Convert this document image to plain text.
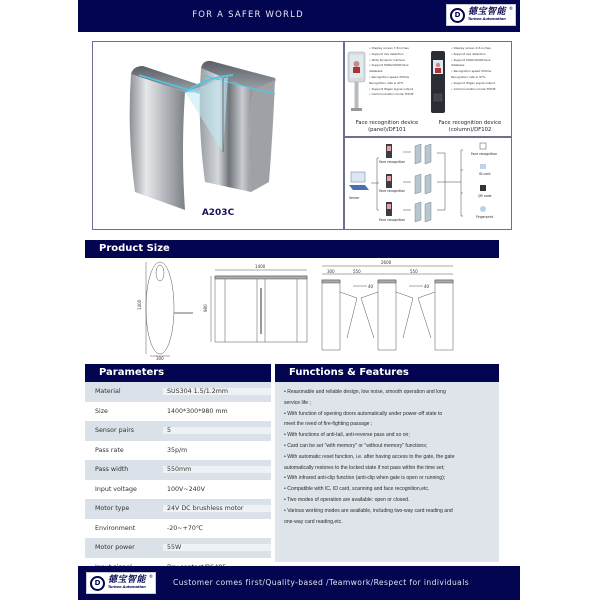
FOR A SAFER WORLD	D 德宝智能
Turboo Automation
®
A203C
• Display screen 7-8 inches
• Support live detection
• Wide Dynamic Camera
• Support 5000/10000 face
database
• Recognition speed 250ms
Recognition rate ≥ 97%
• Support Wigan signal output
• Communication mode TCP/IP
• Display screen 4-6 inches
• Support live detection
• Support 5000/10000 face
database
• Recognition speed 250ms
Recognition rate ≥ 97%
• Support Wigan signal output
• Communication mode TCP/IP
Face recognition device
(panel)/DF101
Face recognition device
(column)/DF102
Server
Face recognition
Face recognition
Face recognition
Face recognition
ID card
QR code
Fingerprint
Product Size
1400
300
1400
980
2600
300	550	550
40	40
Parameters
Material	SUS304 1.5/1.2mm
Size	1400*300*980 mm
Sensor pairs	5
Pass rate	35p/m
Pass width	550mm
Input voltage	100V~240V
Motor type	24V DC brushless motor
Environment	-20~+70℃
Motor power	55W
Functions & Features
• Reasonable and reliable design, low noise, smooth operation and long
service life ;
• With function of opening doors automatically under power-off state to
meet the need of fire-fighting passage ;
• With functions of anti-tail, anti-reverse pass and so on;
• Card can be set "with memory" or "without memory" functions;
• With automatic reset function, i.e. after having access to the gate, the gate
automatically restores to the locked state if not pass within the time set;
• With infrared anti-clip function (anti-clip when gate is open or running);
• Compatible with IC, ID card, scanning and face recognition,etc.
• Two modes of operation are available: open or closed.
• Various working modes are available, including two-way card reading and
one-way card reading,etc.
D 德宝智能
Turboo Automation
®
Customer comes first/Quality-based /Teamwork/Respect for individuals
